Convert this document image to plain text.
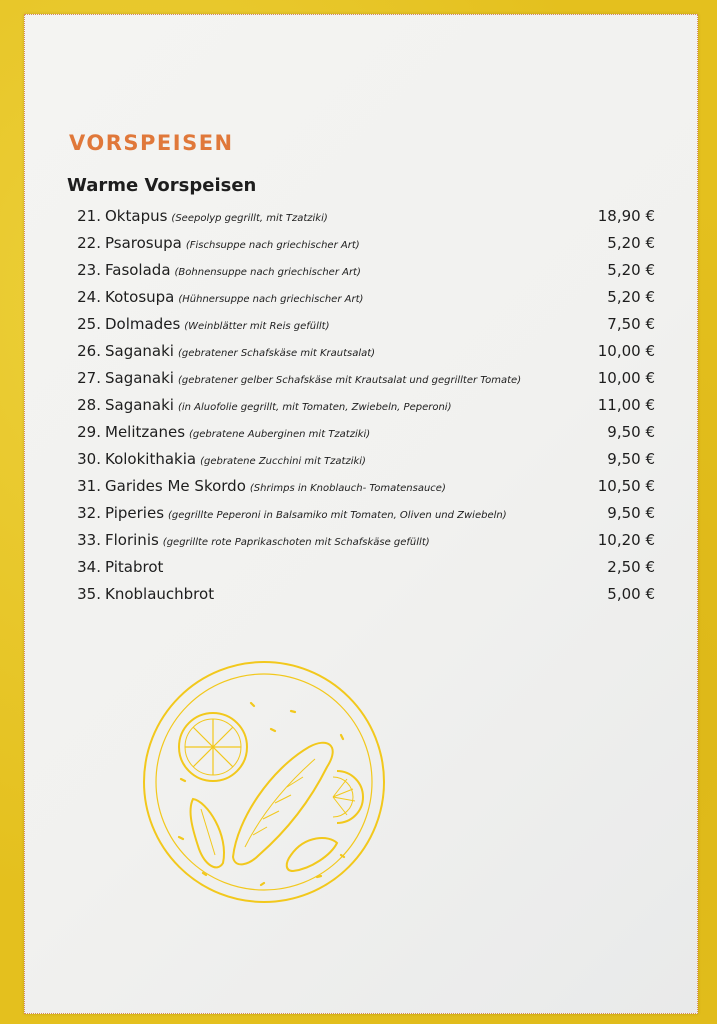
VORSPEISEN
Warme Vorspeisen
21. Oktapus (Seepolyp gegrillt, mit Tzatziki)	18,90 €
22. Psarosupa (Fischsuppe nach griechischer Art)	5,20 €
23. Fasolada (Bohnensuppe nach griechischer Art)	5,20 €
24. Kotosupa (Hühnersuppe nach griechischer Art)	5,20 €
25. Dolmades (Weinblätter mit Reis gefüllt)	7,50 €
26. Saganaki (gebratener Schafskäse mit Krautsalat)	10,00 €
27. Saganaki (gebratener gelber Schafskäse mit Krautsalat und gegrillter Tomate)	10,00 €
28. Saganaki (in Aluofolie gegrillt, mit Tomaten, Zwiebeln, Peperoni)	11,00 €
29. Melitzanes (gebratene Auberginen mit Tzatziki)	9,50 €
30. Kolokithakia (gebratene Zucchini mit Tzatziki)	9,50 €
31. Garides Me Skordo (Shrimps in Knoblauch- Tomatensauce)	10,50 €
32. Piperies (gegrillte Peperoni in Balsamiko mit Tomaten, Oliven und Zwiebeln)	9,50 €
33. Florinis (gegrillte rote Paprikaschoten mit Schafskäse gefüllt)	10,20 €
34. Pitabrot	2,50 €
35. Knoblauchbrot	5,00 €
